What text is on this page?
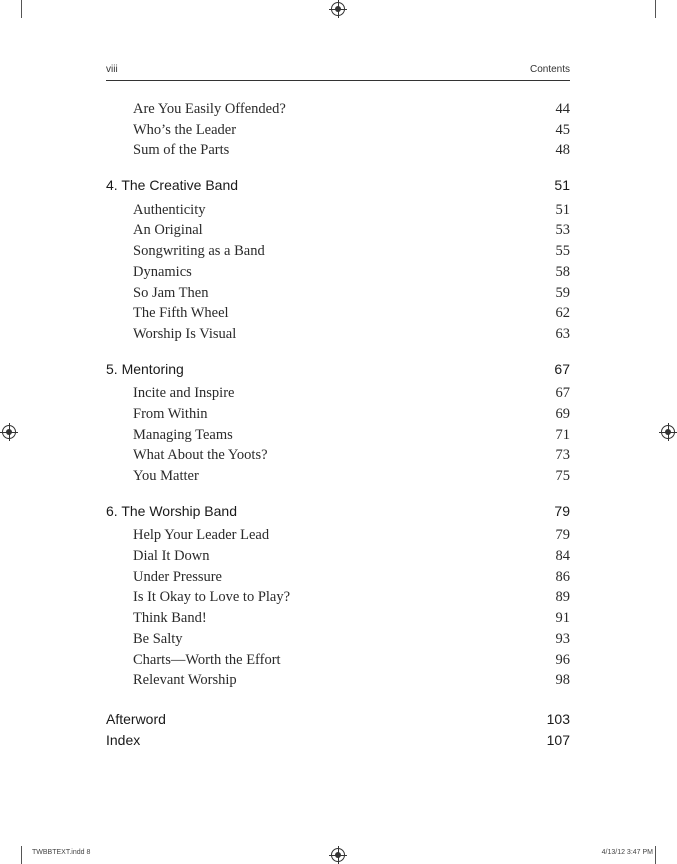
viii	Contents
Are You Easily Offended?	44
Who’s the Leader	45
Sum of the Parts	48
4. The Creative Band	51
Authenticity	51
An Original	53
Songwriting as a Band	55
Dynamics	58
So Jam Then	59
The Fifth Wheel	62
Worship Is Visual	63
5. Mentoring	67
Incite and Inspire	67
From Within	69
Managing Teams	71
What About the Yoots?	73
You Matter	75
6. The Worship Band	79
Help Your Leader Lead	79
Dial It Down	84
Under Pressure	86
Is It Okay to Love to Play?	89
Think Band!	91
Be Salty	93
Charts—Worth the Effort	96
Relevant Worship	98
Afterword	103
Index	107
TWBBTEXT.indd 8	4/13/12 3:47 PM
